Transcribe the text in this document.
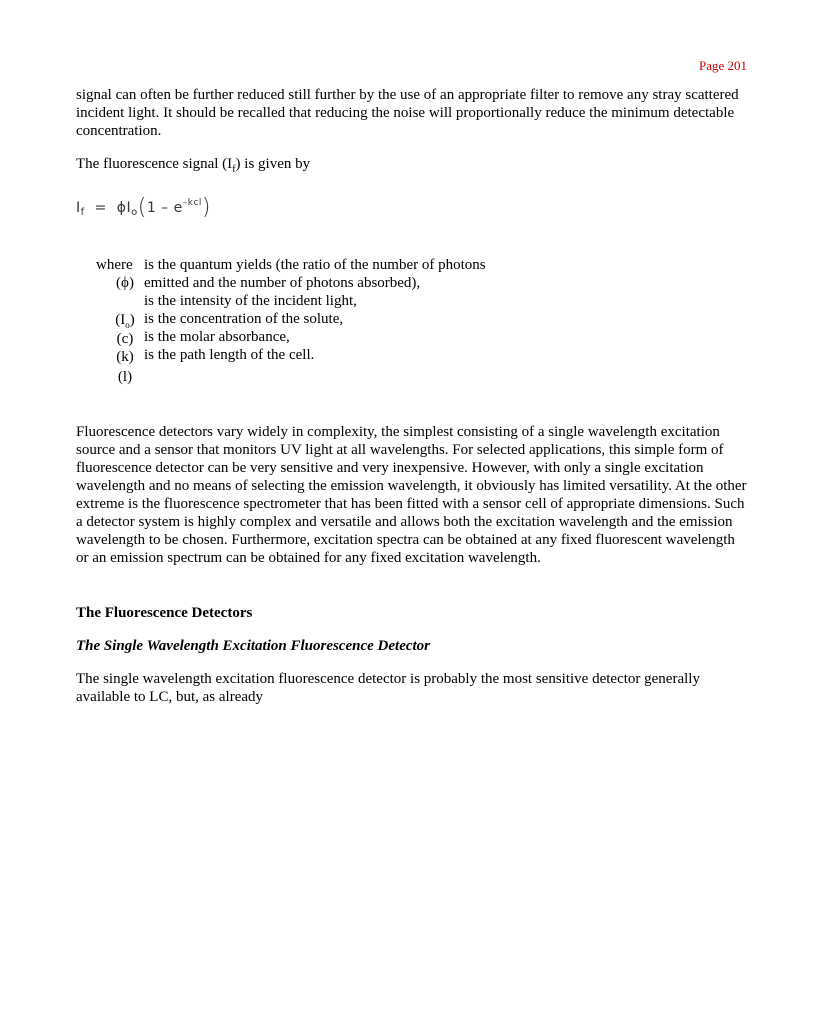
Page 201

signal can often be further reduced still further by the use of an appropriate filter to remove any stray scattered incident light. It should be recalled that reducing the noise will proportionally reduce the minimum detectable concentration.

The fluorescence signal $(I_f)$ is given by

$I_f = \phi I_o(1 - e^{-kcl})$
where is the quantum yields (the ratio of the number of photons
(ϕ) emitted and the number of photons absorbed),
is the intensity of the incident light,
$(I_o)$ is the concentration of the solute,
(c) is the molar absorbance,
(k) is the path length of the cell.
(l)

Fluorescence detectors vary widely in complexity, the simplest consisting of a single wavelength excitation source and a sensor that monitors UV light at all wavelengths. For selected applications, this simple form of fluorescence detector can be very sensitive and very inexpensive. However, with only a single excitation wavelength and no means of selecting the emission wavelength, it obviously has limited versatility. At the other extreme is the fluorescence spectrometer that has been fitted with a sensor cell of appropriate dimensions. Such a detector system is highly complex and versatile and allows both the excitation wavelength and the emission wavelength to be chosen. Furthermore, excitation spectra can be obtained at any fixed fluorescent wavelength or an emission spectrum can be obtained for any fixed excitation wavelength.

The Fluorescence Detectors

The Single Wavelength Excitation Fluorescence Detector

The single wavelength excitation fluorescence detector is probably the most sensitive detector generally available to LC, but, as already
